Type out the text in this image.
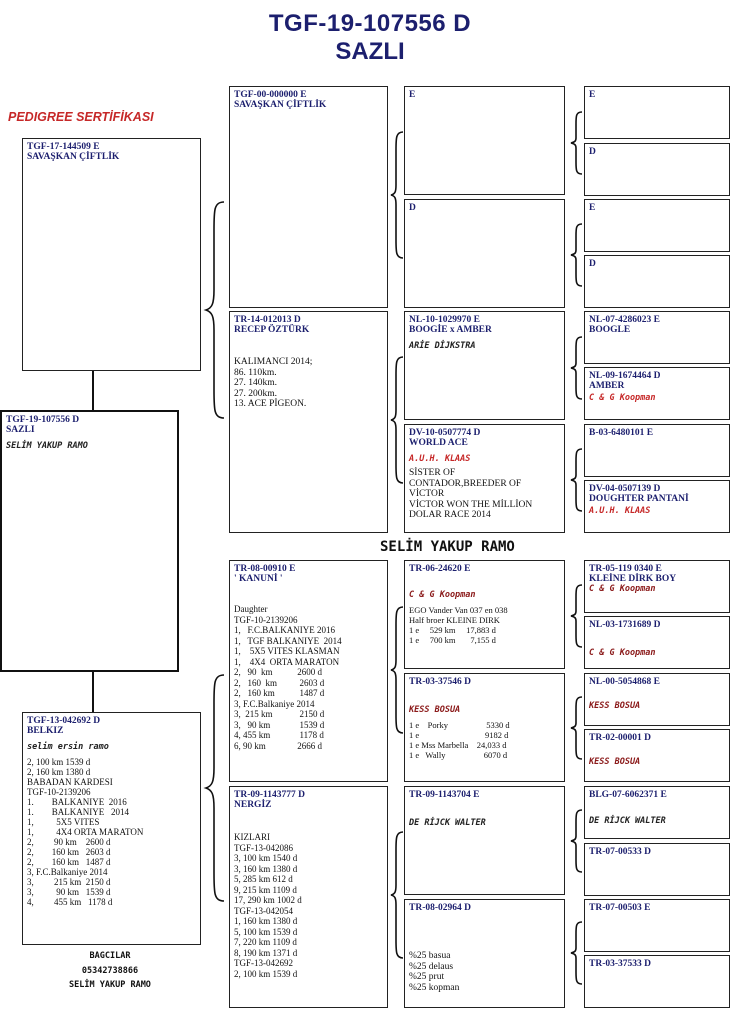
TGF-19-107556 D
SAZLI
PEDIGREE SERTİFİKASI
SELİM YAKUP RAMO
TGF-17-144509 E
SAVAŞKAN ÇİFTLİK
TGF-19-107556 D
SAZLI
SELİM YAKUP RAMO
TGF-13-042692 D
BELKIZ
selim ersin ramo
2, 100 km 1539 d
2, 160 km 1380 d
BABADAN KARDESI
TGF-10-2139206
1.        BALKANIYE  2016
1.        BALKANIYE   2014
1,          5X5 VITES
1,          4X4 ORTA MARATON
2,         90 km    2600 d
2,        160 km   2603 d
2,        160 km   1487 d
3, F.C.Balkaniye 2014
3,         215 km  2150 d
3,          90 km   1539 d
4,         455 km   1178 d
BAGCILAR
05342738866
SELİM YAKUP RAMO
TGF-00-000000 E
SAVAŞKAN ÇİFTLİK
TR-14-012013 D
RECEP ÖZTÜRK
KALIMANCI 2014;
86. 110km.
27. 140km.
27. 200km.
13. ACE PİGEON.
TR-08-00910 E
' KANUNİ '
Daughter
TGF-10-2139206
1,   F.C.BALKANIYE 2016
1,   TGF BALKANIYE  2014
1,    5X5 VITES KLASMAN
1,    4X4  ORTA MARATON
2,   90  km           2600 d
2,   160  km          2603 d
2,   160 km           1487 d
3, F.C.Balkaniye 2014
3,  215 km            2150 d
3,   90 km             1539 d
4, 455 km             1178 d
6, 90 km              2666 d
TR-09-1143777 D
NERGİZ
KIZLARI
TGF-13-042086
3, 100 km 1540 d
3, 160 km 1380 d
5, 285 km 612 d
9, 215 km 1109 d
17, 290 km 1002 d
TGF-13-042054
1, 160 km 1380 d
5, 100 km 1539 d
7, 220 km 1109 d
8, 190 km 1371 d
TGF-13-042692
2, 100 km 1539 d
E
D
NL-10-1029970 E
BOOGİE x AMBER
ARİE DİJKSTRA
DV-10-0507774 D
WORLD ACE
A.U.H. KLAAS
SİSTER OF
CONTADOR,BREEDER OF
VİCTOR
VİCTOR WON THE MİLLİON
DOLAR RACE 2014
TR-06-24620 E
C & G Koopman
EGO Vander Van 037 en 038
Half broer KLEINE DIRK
1 e     529 km     17,883 d
1 e     700 km       7,155 d
TR-03-37546 D
KESS BOSUA
1 e    Porky                  5330 d
1 e                               9182 d
1 e Mss Marbella    24,033 d
1 e   Wally                  6070 d
TR-09-1143704 E
DE RİJCK WALTER
TR-08-02964 D
%25 basua
%25 delaus
%25 prut
%25 kopman
E
D
E
D
NL-07-4286023 E
BOOGLE
NL-09-1674464 D
AMBER
C & G Koopman
B-03-6480101 E
DV-04-0507139 D
DOUGHTER PANTANİ
A.U.H. KLAAS
TR-05-119 0340 E
KLEİNE DİRK BOY
C & G Koopman
NL-03-1731689 D
C & G Koopman
NL-00-5054868 E
KESS BOSUA
TR-02-00001 D
KESS BOSUA
BLG-07-6062371 E
DE RİJCK WALTER
TR-07-00533 D
TR-07-00503 E
TR-03-37533 D
